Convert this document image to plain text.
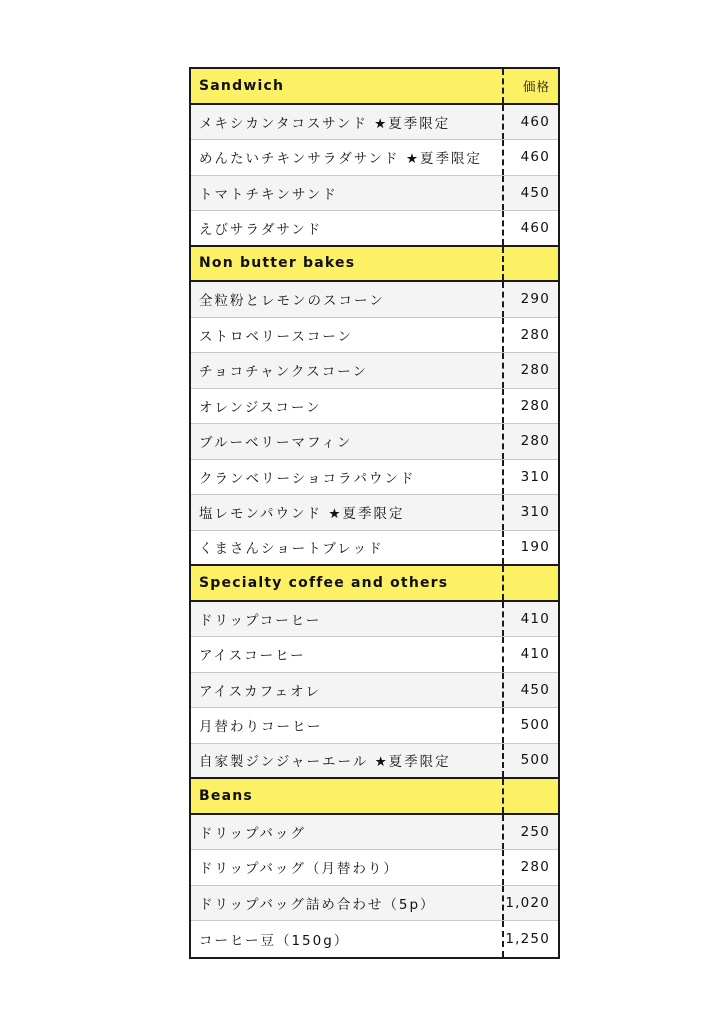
Sandwich	価格
メキシカンタコスサンド ★夏季限定	460
めんたいチキンサラダサンド ★夏季限定	460
トマトチキンサンド	450
えびサラダサンド	460
Non butter bakes
全粒粉とレモンのスコーン	290
ストロベリースコーン	280
チョコチャンクスコーン	280
オレンジスコーン	280
ブルーベリーマフィン	280
クランベリーショコラパウンド	310
塩レモンパウンド ★夏季限定	310
くまさんショートブレッド	190
Specialty coffee and others
ドリップコーヒー	410
アイスコーヒー	410
アイスカフェオレ	450
月替わりコーヒー	500
自家製ジンジャーエール ★夏季限定	500
Beans
ドリップバッグ	250
ドリップバッグ（月替わり）	280
ドリップバッグ詰め合わせ（5p）	1,020
コーヒー豆（150g）	1,250
